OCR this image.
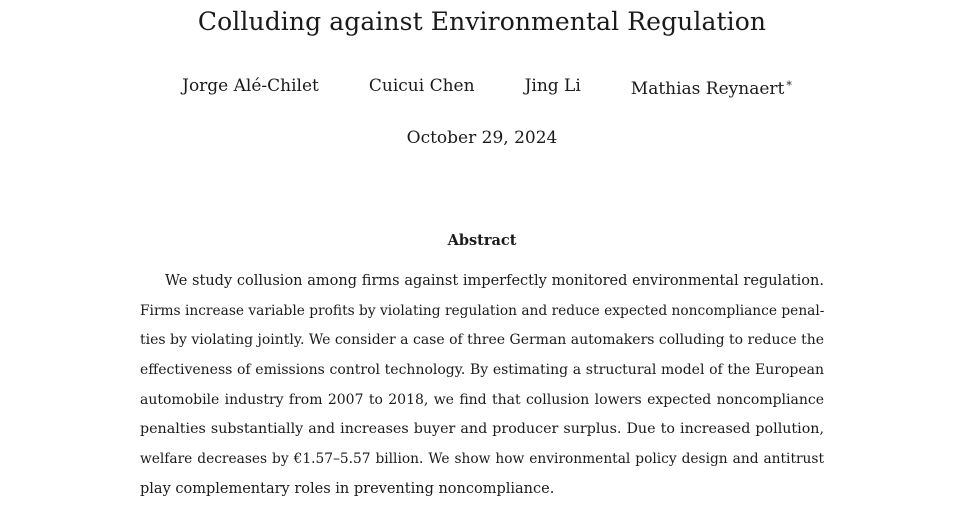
Colluding against Environmental Regulation
Jorge Alé-Chilet	Cuicui Chen	Jing Li	Mathias Reynaert *
October 29, 2024
Abstract
We study collusion among firms against imperfectly monitored environmental regulation.
Firms increase variable profits by violating regulation and reduce expected noncompliance penal-
ties by violating jointly. We consider a case of three German automakers colluding to reduce the
effectiveness of emissions control technology. By estimating a structural model of the European
automobile industry from 2007 to 2018, we find that collusion lowers expected noncompliance
penalties substantially and increases buyer and producer surplus. Due to increased pollution,
welfare decreases by €1.57–5.57 billion. We show how environmental policy design and antitrust
play complementary roles in preventing noncompliance.
